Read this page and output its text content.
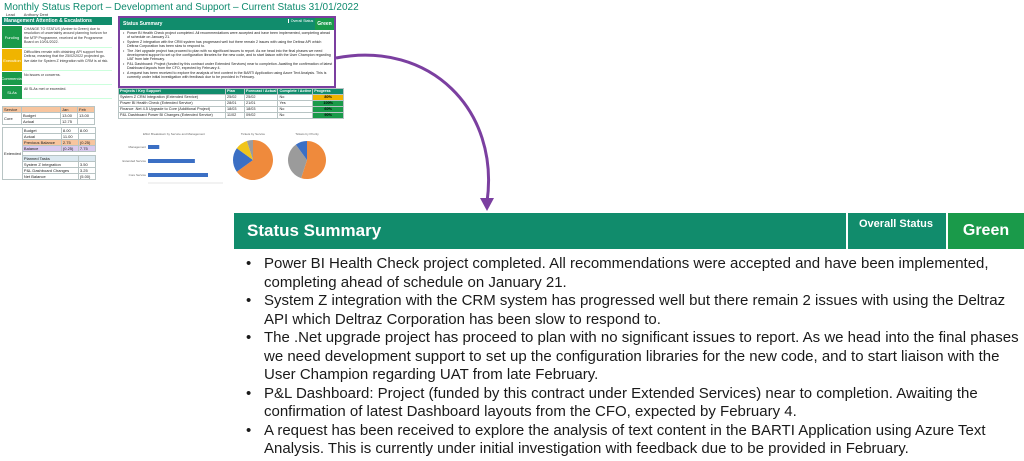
Monthly Status Report – Development and Support – Current Status 31/01/2022
Lead Anthony Dent
Management Attention & Escalations
Funding
CHANGE TO STATUS (Amber to Green) due to resolution of uncertainty around planning horizon for the MTP Programme, received at the Programme Board on 10/01/2022.
Execution
Difficulties remain with obtaining API support from Deltraz, meaning that the 25/02/2022 projected go-live date for System Z integration with CRM is at risk.
Commercial
No issues or concerns.
SLAs
All SLAs met or exceeded.
Service		Jan	Feb
Core	Budget	13.00	13.00
	Actual	12.75	
Extended	Budget	8.00	8.00
	Actual	11.00	
	Previous Balance	2.75	(0.25)
	Balance	(0.25)	7.75

	Planned Tasks		
	System Z Integration		3.50
	P&L Dashboard Changes		3.25
	Net Balance		(5.00)
Status Summary	Overall Status Green
• Power BI Health Check project completed. All recommendations were accepted and have been implemented, completing ahead of schedule on January 21.
• System Z integration with the CRM system has progressed well but there remain 2 issues with using the Deltraz API which Deltraz Corporation has been slow to respond to.
• The .Net upgrade project has proceed to plan with no significant issues to report. As we head into the final phases we need development support to set up the configuration libraries for the new code, and to start liaison with the User Champion regarding UAT from late February.
• P&L Dashboard: Project (funded by this contract under Extended Services) near to completion. Awaiting the confirmation of latest Dashboard layouts from the CFO, expected by February 4.
• A request has been received to explore the analysis of text content in the BARTI Application using Azure Text Analysis. This is currently under initial investigation with feedback due to be provided in February.
Projects / Key Support	Plan	Forecast / Actual	Complete / Active	Progress
System Z CRM Integration (Extended Service)	25/02	25/02	No	80%
Power BI Health Check (Extended Service)	28/01	21/01	Yes	100%
Finance .Net 4.5 Upgrade to Core (Additional Project)	18/03	18/03	No	60%
P&L Dashboard Power BI Changes (Extended Service)	11/02	09/02	No	90%
Effort Breakdown by Service and Management
Management
Extended Service
Core Service
Tickets by Service	Tickets by Priority
Status Summary	Overall Status	Green
• Power BI Health Check project completed. All recommendations were accepted and have been implemented, completing ahead of schedule on January 21.
• System Z integration with the CRM system has progressed well but there remain 2 issues with using the Deltraz API which Deltraz Corporation has been slow to respond to.
• The .Net upgrade project has proceed to plan with no significant issues to report. As we head into the final phases we need development support to set up the configuration libraries for the new code, and to start liaison with the User Champion regarding UAT from late February.
• P&L Dashboard: Project (funded by this contract under Extended Services) near to completion. Awaiting the confirmation of latest Dashboard layouts from the CFO, expected by February 4.
• A request has been received to explore the analysis of text content in the BARTI Application using Azure Text Analysis. This is currently under initial investigation with feedback due to be provided in February.
